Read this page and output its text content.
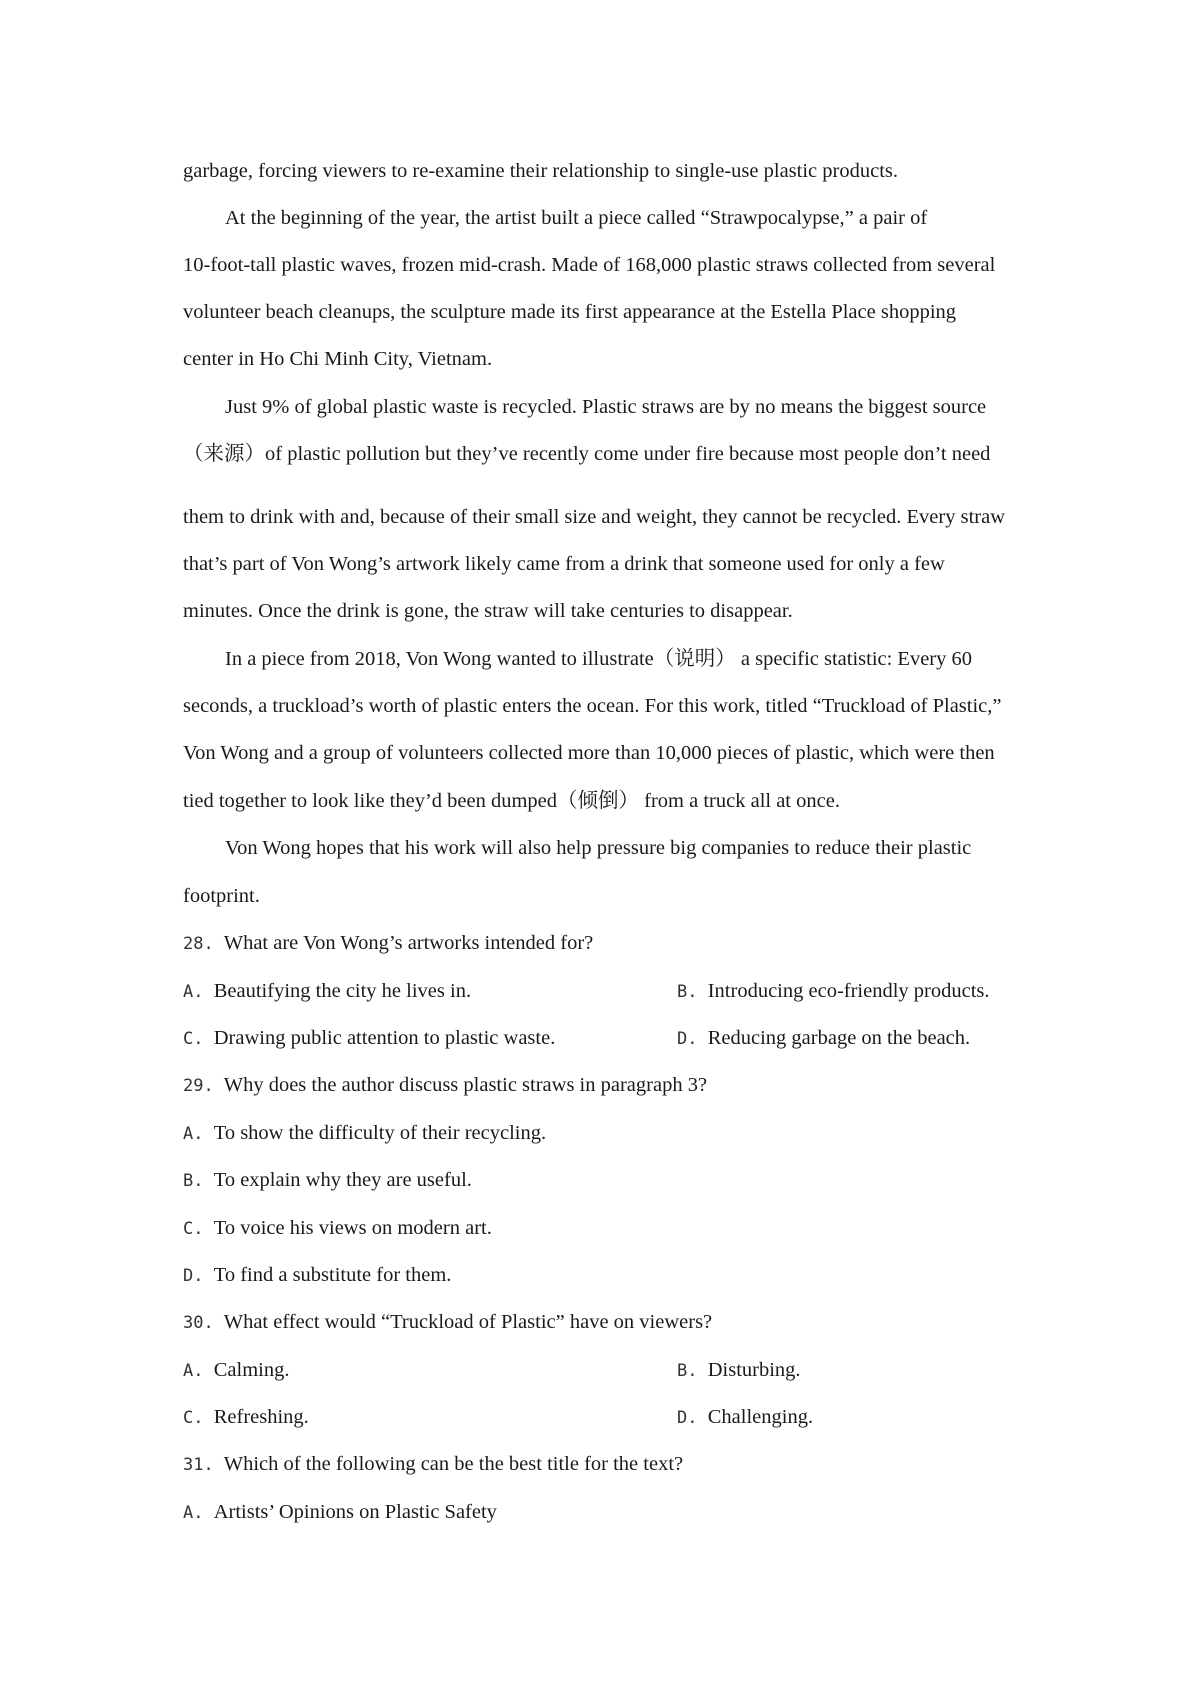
garbage, forcing viewers to re-examine their relationship to single-use plastic products.
At the beginning of the year, the artist built a piece called “Strawpocalypse,” a pair of
10-foot-tall plastic waves, frozen mid-crash. Made of 168,000 plastic straws collected from several
volunteer beach cleanups, the sculpture made its first appearance at the Estella Place shopping
center in Ho Chi Minh City, Vietnam.
Just 9% of global plastic waste is recycled. Plastic straws are by no means the biggest source
（来源）of plastic pollution but they’ve recently come under fire because most people don’t need
them to drink with and, because of their small size and weight, they cannot be recycled. Every straw
that’s part of Von Wong’s artwork likely came from a drink that someone used for only a few
minutes. Once the drink is gone, the straw will take centuries to disappear.
In a piece from 2018, Von Wong wanted to illustrate（说明） a specific statistic: Every 60
seconds, a truckload’s worth of plastic enters the ocean. For this work, titled “Truckload of Plastic,”
Von Wong and a group of volunteers collected more than 10,000 pieces of plastic, which were then
tied together to look like they’d been dumped（倾倒） from a truck all at once.
Von Wong hopes that his work will also help pressure big companies to reduce their plastic
footprint.
28. What are Von Wong’s artworks intended for?
A. Beautifying the city he lives in.	B. Introducing eco-friendly products.
C. Drawing public attention to plastic waste.	D. Reducing garbage on the beach.
29. Why does the author discuss plastic straws in paragraph 3?
A. To show the difficulty of their recycling.
B. To explain why they are useful.
C. To voice his views on modern art.
D. To find a substitute for them.
30. What effect would “Truckload of Plastic” have on viewers?
A. Calming.	B. Disturbing.
C. Refreshing.	D. Challenging.
31. Which of the following can be the best title for the text?
A. Artists’ Opinions on Plastic Safety
